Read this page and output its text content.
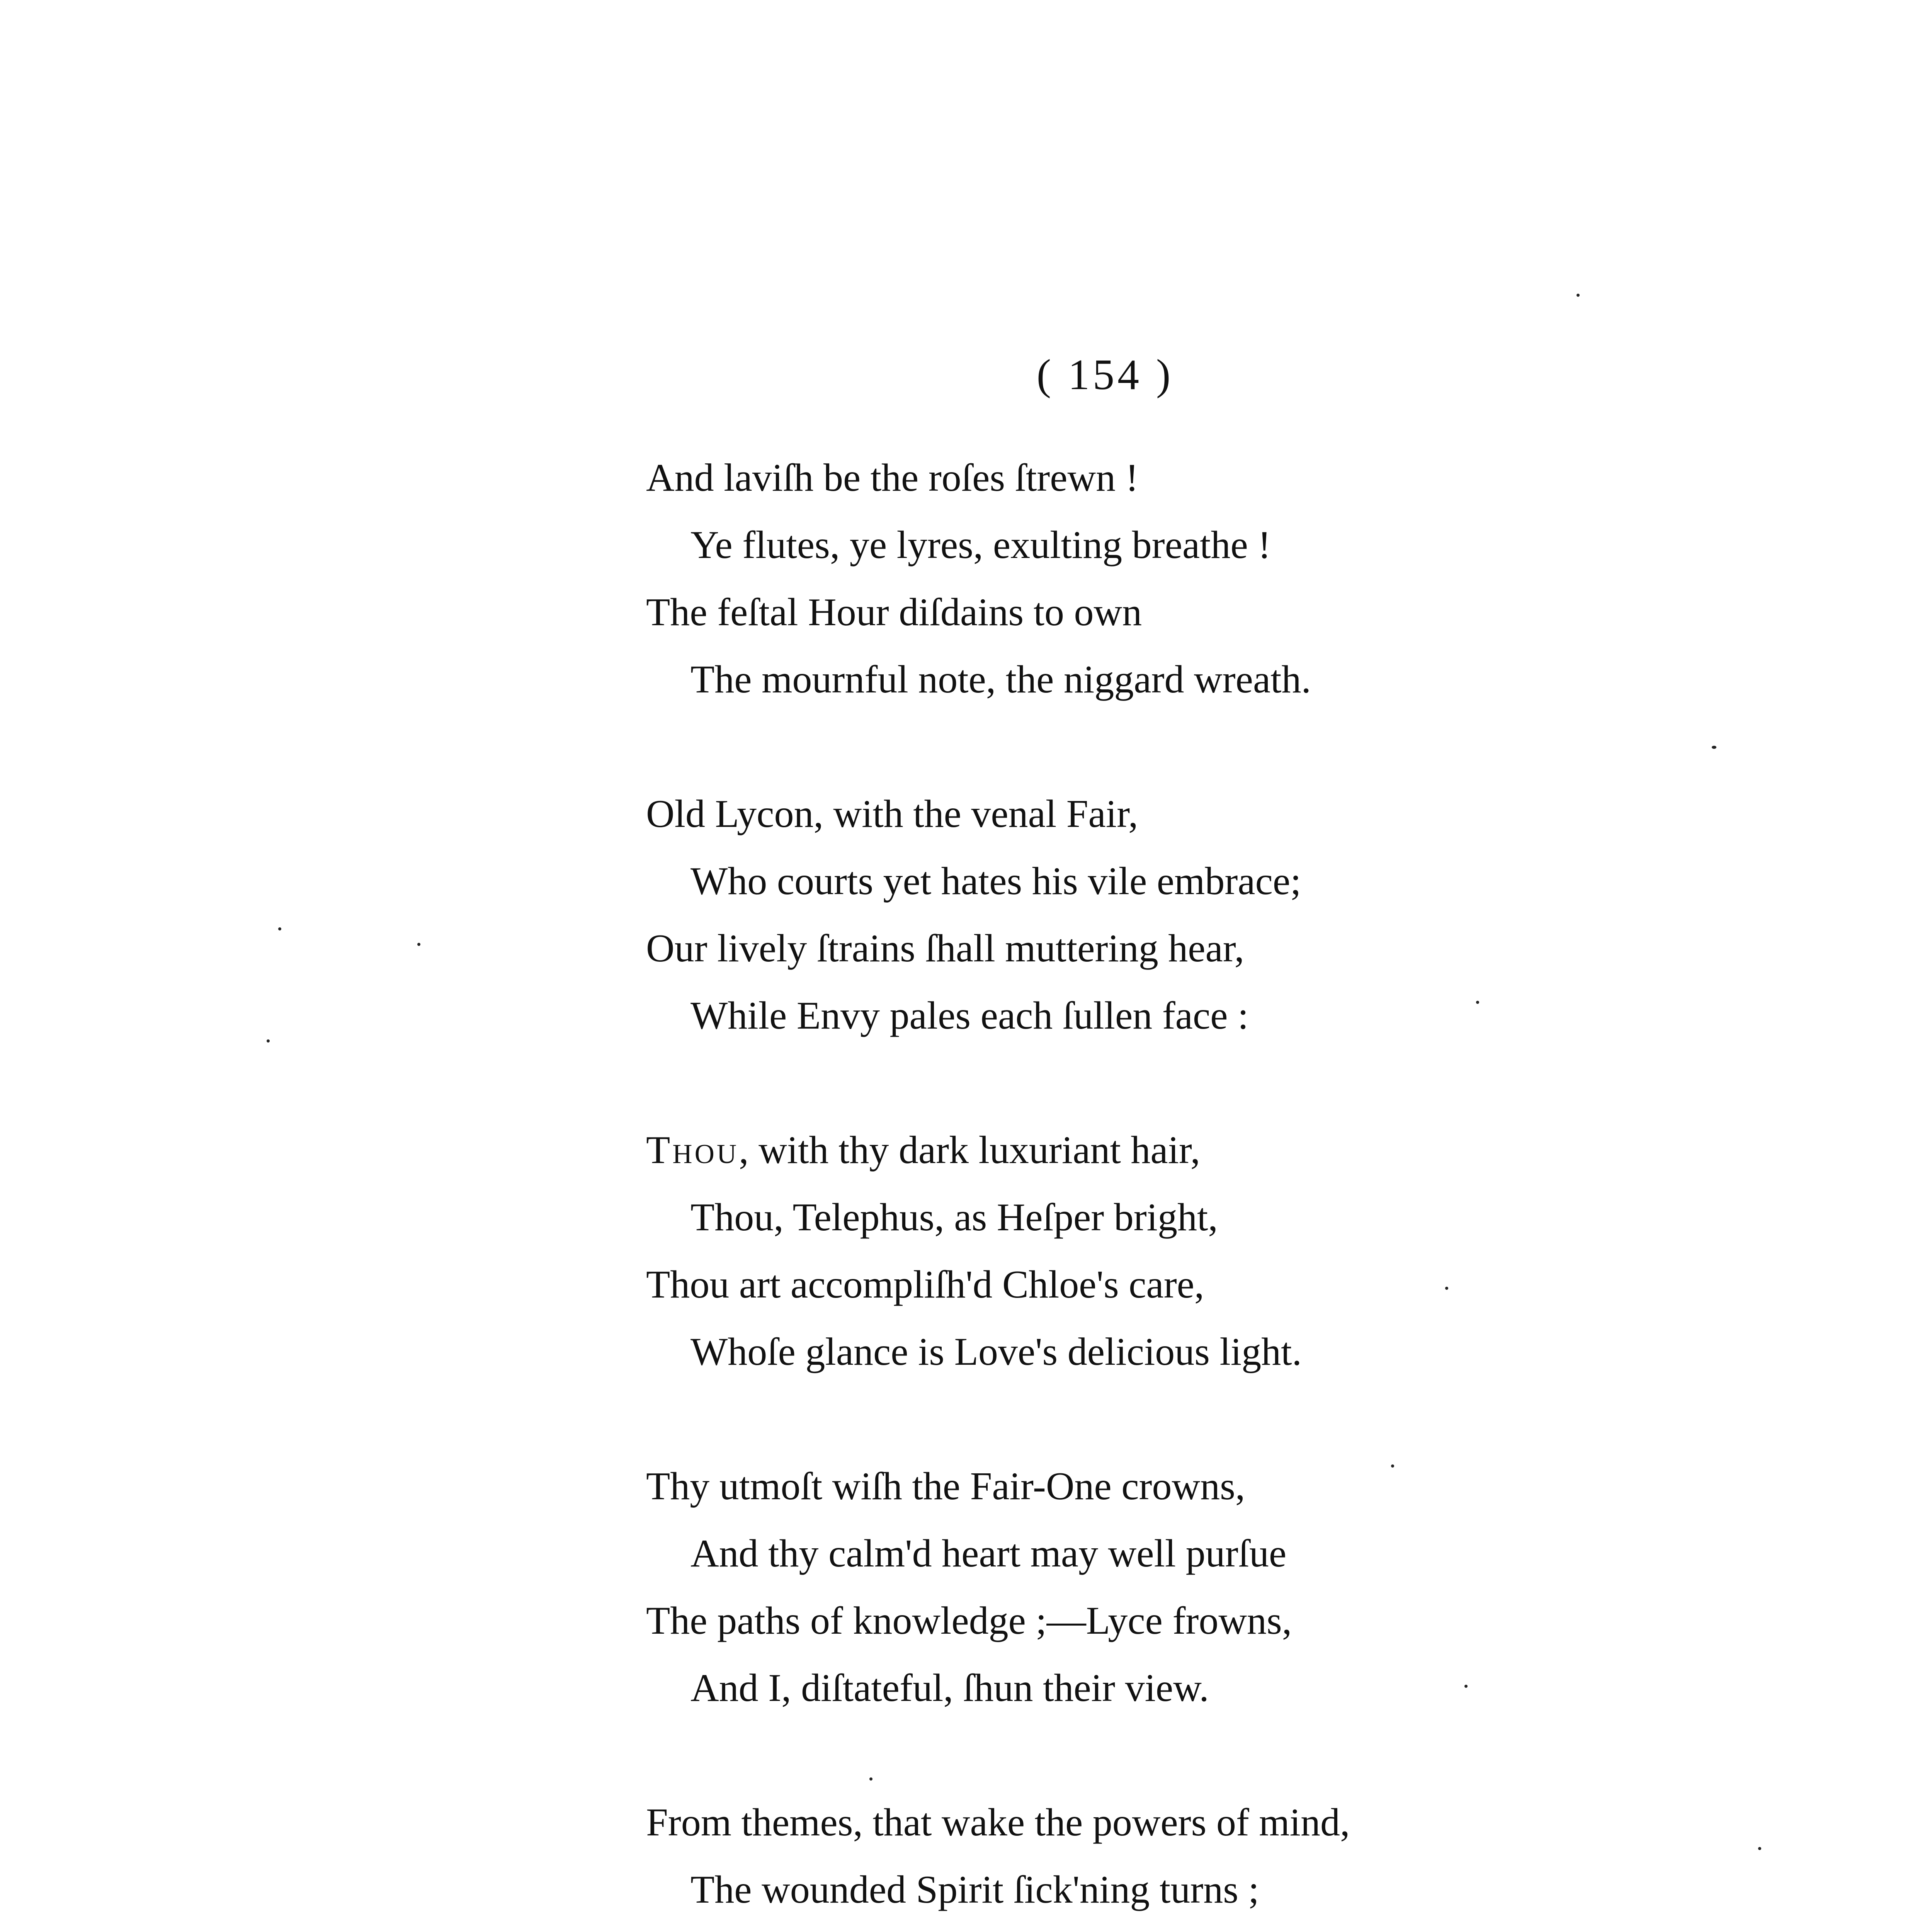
( 154 )
And laviſh be the roſes ſtrewn !
Ye flutes, ye lyres, exulting breathe !
The feſtal Hour diſdains to own
The mournful note, the niggard wreath.
Old Lycon, with the venal Fair,
Who courts yet hates his vile embrace;
Our lively ſtrains ſhall muttering hear,
While Envy pales each ſullen face :
Thou, with thy dark luxuriant hair,
Thou, Telephus, as Heſper bright,
Thou art accompliſh'd Chloe's care,
Whoſe glance is Love's delicious light.
Thy utmoſt wiſh the Fair-One crowns,
And thy calm'd heart may well purſue
The paths of knowledge ;—Lyce frowns,
And I, diſtateful, ſhun their view.
From themes, that wake the powers of mind,
The wounded Spirit ſick'ning turns ;
